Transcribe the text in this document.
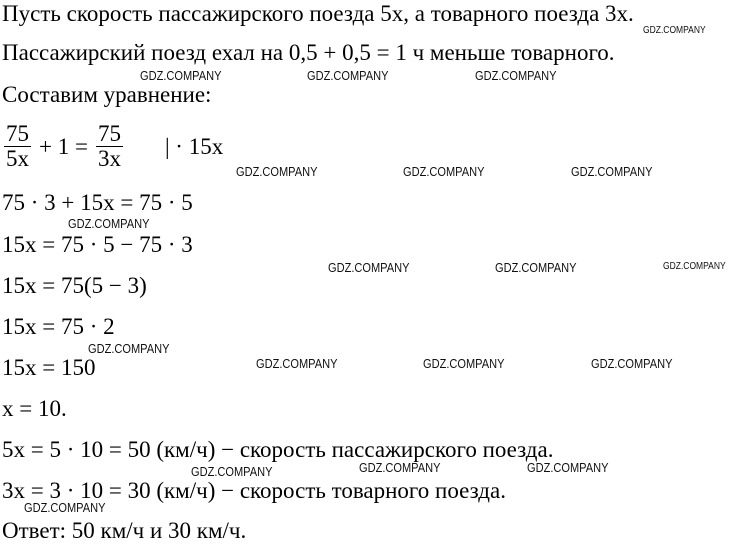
Пусть скорость пассажирского поезда 5x, а товарного поезда 3x.
Пассажирский поезд ехал на 0,5 + 0,5 = 1 ч меньше товарного.
Составим уравнение:
$\frac{75}{5x} + 1 = \frac{75}{3x}$ | · 15x
75 · 3 + 15x = 75 · 5
15x = 75 · 5 − 75 · 3
15x = 75(5 − 3)
15x = 75 · 2
15x = 150
x = 10.
5x = 5 · 10 = 50 (км/ч) − скорость пассажирского поезда.
3x = 3 · 10 = 30 (км/ч) − скорость товарного поезда.
Ответ: 50 км/ч и 30 км/ч.
GDZ.COMPANY
GDZ.COMPANY	GDZ.COMPANY	GDZ.COMPANY
GDZ.COMPANY	GDZ.COMPANY	GDZ.COMPANY
GDZ.COMPANY
GDZ.COMPANY	GDZ.COMPANY	GDZ.COMPANY
GDZ.COMPANY
GDZ.COMPANY	GDZ.COMPANY	GDZ.COMPANY
GDZ.COMPANY	GDZ.COMPANY	GDZ.COMPANY
GDZ.COMPANY
